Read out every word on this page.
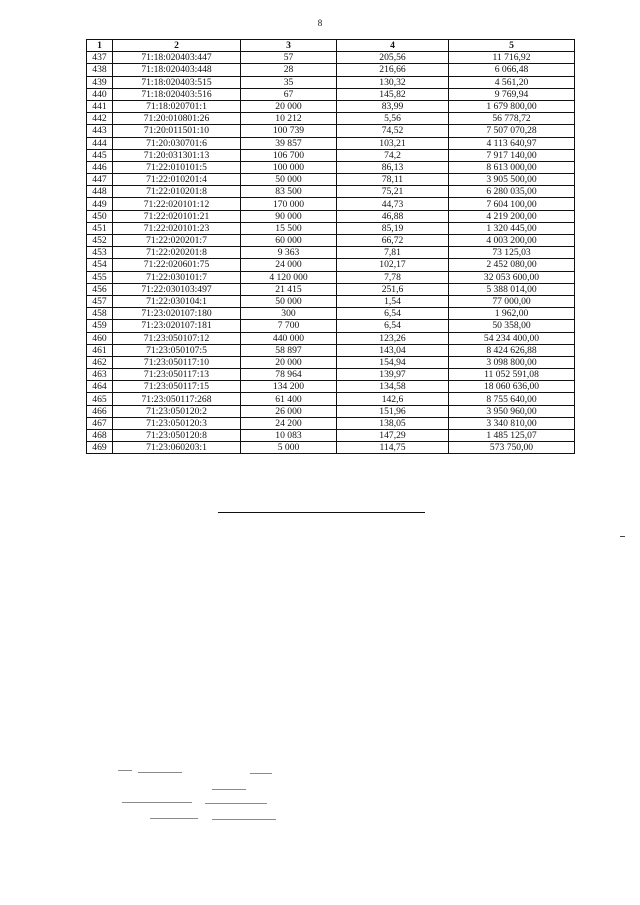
8
1	2	3	4	5
437	71:18:020403:447	57	205,56	11 716,92
438	71:18:020403:448	28	216,66	6 066,48
439	71:18:020403:515	35	130,32	4 561,20
440	71:18:020403:516	67	145,82	9 769,94
441	71:18:020701:1	20 000	83,99	1 679 800,00
442	71:20:010801:26	10 212	5,56	56 778,72
443	71:20:011501:10	100 739	74,52	7 507 070,28
444	71:20:030701:6	39 857	103,21	4 113 640,97
445	71:20:031301:13	106 700	74,2	7 917 140,00
446	71:22:010101:5	100 000	86,13	8 613 000,00
447	71:22:010201:4	50 000	78,11	3 905 500,00
448	71:22:010201:8	83 500	75,21	6 280 035,00
449	71:22:020101:12	170 000	44,73	7 604 100,00
450	71:22:020101:21	90 000	46,88	4 219 200,00
451	71:22:020101:23	15 500	85,19	1 320 445,00
452	71:22:020201:7	60 000	66,72	4 003 200,00
453	71:22:020201:8	9 363	7,81	73 125,03
454	71:22:020601:75	24 000	102,17	2 452 080,00
455	71:22:030101:7	4 120 000	7,78	32 053 600,00
456	71:22:030103:497	21 415	251,6	5 388 014,00
457	71:22:030104:1	50 000	1,54	77 000,00
458	71:23:020107:180	300	6,54	1 962,00
459	71:23:020107:181	7 700	6,54	50 358,00
460	71:23:050107:12	440 000	123,26	54 234 400,00
461	71:23:050107:5	58 897	143,04	8 424 626,88
462	71:23:050117:10	20 000	154,94	3 098 800,00
463	71:23:050117:13	78 964	139,97	11 052 591,08
464	71:23:050117:15	134 200	134,58	18 060 636,00
465	71:23:050117:268	61 400	142,6	8 755 640,00
466	71:23:050120:2	26 000	151,96	3 950 960,00
467	71:23:050120:3	24 200	138,05	3 340 810,00
468	71:23:050120:8	10 083	147,29	1 485 125,07
469	71:23:060203:1	5 000	114,75	573 750,00
